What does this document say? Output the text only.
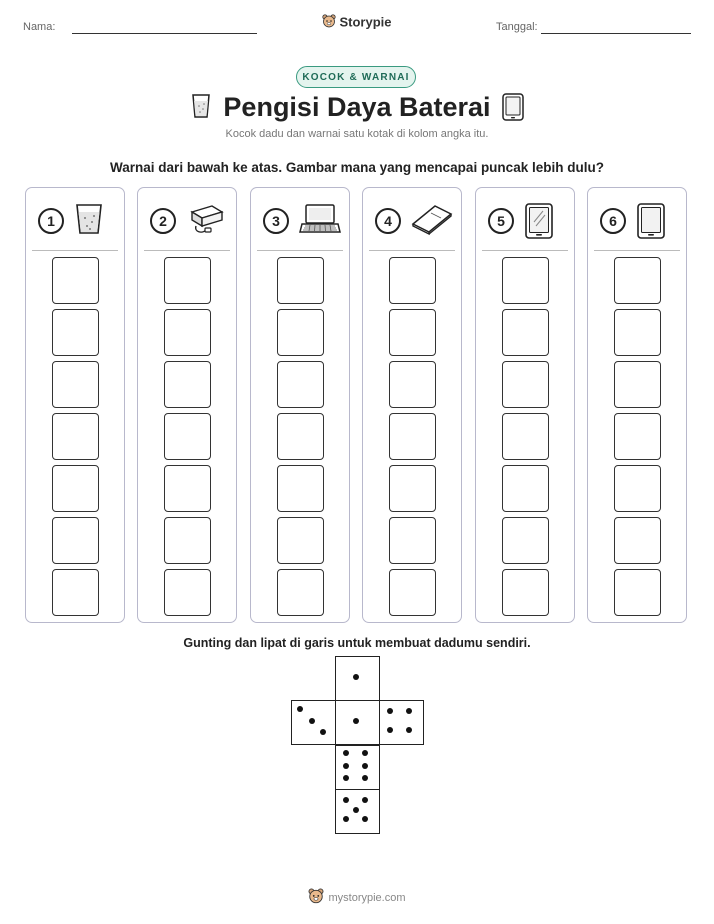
Nama:	Storypie	Tanggal:
KOCOK & WARNAI
Pengisi Daya Baterai
Kocok dadu dan warnai satu kotak di kolom angka itu.
Warnai dari bawah ke atas. Gambar mana yang mencapai puncak lebih dulu?
1	2	3	4	5	6
Gunting dan lipat di garis untuk membuat dadumu sendiri.
mystorypie.com
